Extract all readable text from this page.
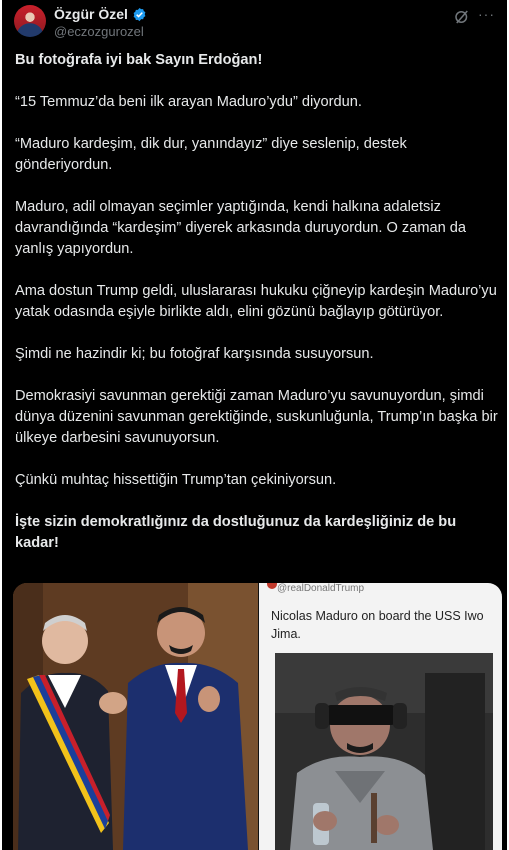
Özgür Özel
@eczozgurozel
···

Bu fotoğrafa iyi bak Sayın Erdoğan!

“15 Temmuz’da beni ilk arayan Maduro’ydu” diyordun.

“Maduro kardeşim, dik dur, yanındayız” diye seslenip, destek gönderiyordun.

Maduro, adil olmayan seçimler yaptığında, kendi halkına adaletsiz davrandığında “kardeşim” diyerek arkasında duruyordun. O zaman da yanlış yapıyordun.

Ama dostun Trump geldi, uluslararası hukuku çiğneyip kardeşin Maduro’yu yatak odasında eşiyle birlikte aldı, elini gözünü bağlayıp götürüyor.

Şimdi ne hazindir ki; bu fotoğraf karşısında susuyorsun.

Demokrasiyi savunman gerektiği zaman Maduro’yu savunuyordun, şimdi dünya düzenini savunman gerektiğinde, suskunluğunla, Trump’ın başka bir ülkeye darbesini savunuyorsun.

Çünkü muhtaç hissettiğin Trump’tan çekiniyorsun.

İşte sizin demokratlığınız da dostluğunuz da kardeşliğiniz de bu kadar!

@realDonaldTrump
Nicolas Maduro on board the USS Iwo Jima.
